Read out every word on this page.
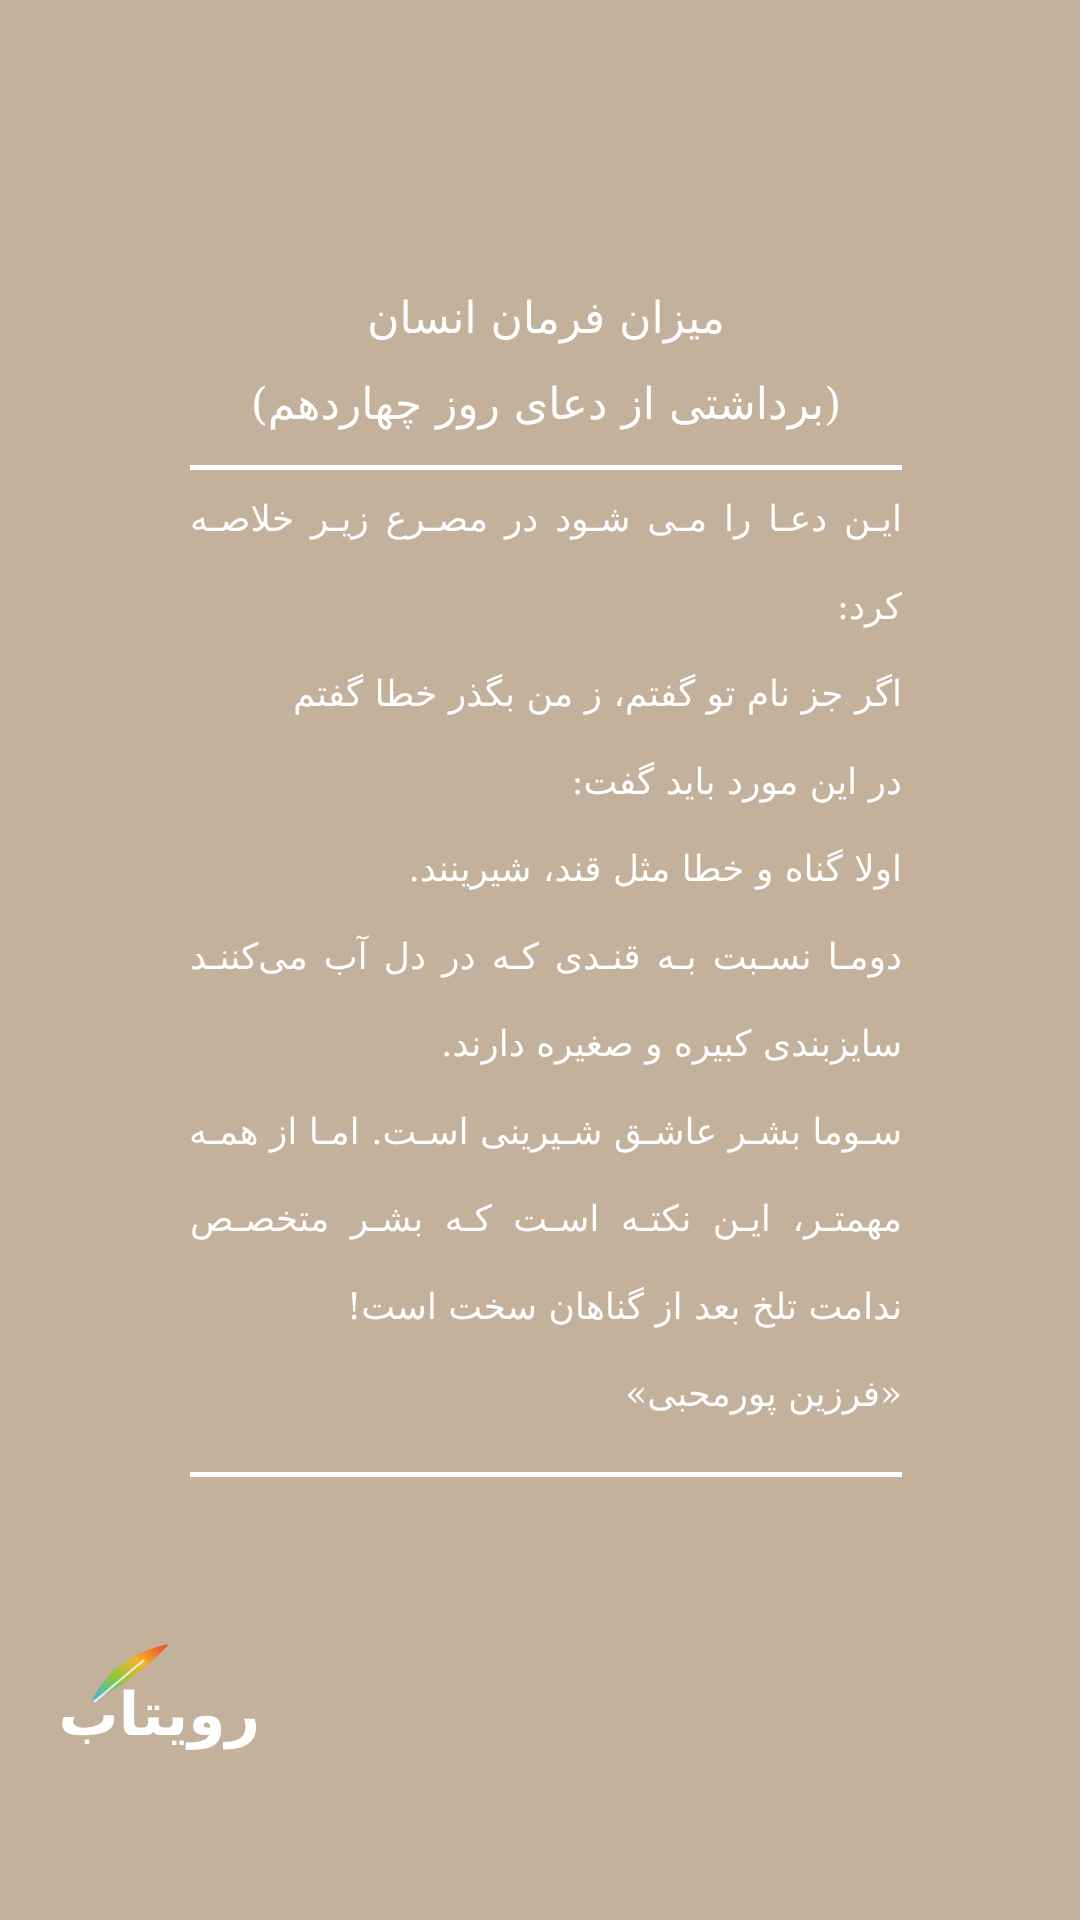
میزان فرمان انسان
(برداشتی از دعای روز چهاردهم)
ایـن دعـا را مـی شـود در مصـرع زیـر خلاصـه
کرد:
اگر جز نام تو گفتم، ز من بگذر خطا گفتم
در این مورد باید گفت:
اولا گناه و خطا مثل قند، شیرینند.
دومـا نسـبت بـه قنـدی کـه در دل آب می‌کننـد
سایزبندی کبیره و صغیره دارند.
سـوما بشـر عاشـق شـیرینی اسـت. امـا از همـه
مهمتـر، ایـن نکتـه اسـت کـه بشـر متخصـص
ندامت تلخ بعد از گناهان سخت است!
«فرزین پورمحبی»
رویتاب
